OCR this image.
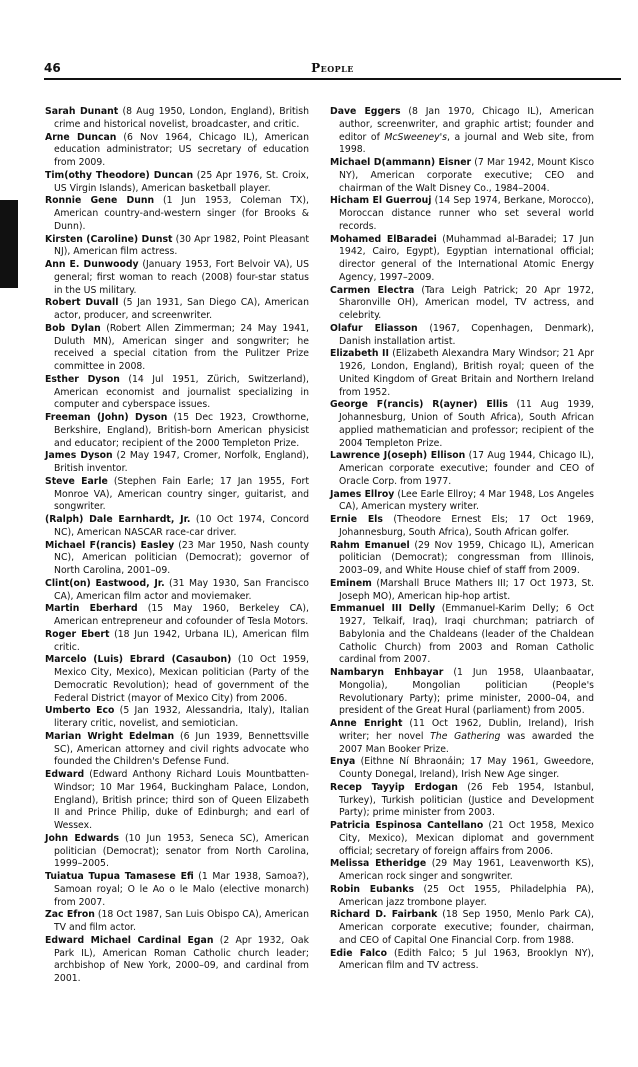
46	People

Sarah Dunant (8 Aug 1950, London, England), British crime and historical novelist, broadcaster, and critic.

Arne Duncan (6 Nov 1964, Chicago IL), American education administrator; US secretary of education from 2009.

Tim(othy Theodore) Duncan (25 Apr 1976, St. Croix, US Virgin Islands), American basketball player.

Ronnie Gene Dunn (1 Jun 1953, Coleman TX), American country-and-western singer (for Brooks & Dunn).

Kirsten (Caroline) Dunst (30 Apr 1982, Point Pleasant NJ), American film actress.

Ann E. Dunwoody (January 1953, Fort Belvoir VA), US general; first woman to reach (2008) four-star status in the US military.

Robert Duvall (5 Jan 1931, San Diego CA), American actor, producer, and screenwriter.

Bob Dylan (Robert Allen Zimmerman; 24 May 1941, Duluth MN), American singer and songwriter; he received a special citation from the Pulitzer Prize committee in 2008.

Esther Dyson (14 Jul 1951, Zürich, Switzerland), American economist and journalist specializing in computer and cyberspace issues.

Freeman (John) Dyson (15 Dec 1923, Crowthorne, Berkshire, England), British-born American physicist and educator; recipient of the 2000 Templeton Prize.

James Dyson (2 May 1947, Cromer, Norfolk, England), British inventor.

Steve Earle (Stephen Fain Earle; 17 Jan 1955, Fort Monroe VA), American country singer, guitarist, and songwriter.

(Ralph) Dale Earnhardt, Jr. (10 Oct 1974, Concord NC), American NASCAR race-car driver.

Michael F(rancis) Easley (23 Mar 1950, Nash county NC), American politician (Democrat); governor of North Carolina, 2001–09.

Clint(on) Eastwood, Jr. (31 May 1930, San Francisco CA), American film actor and moviemaker.

Martin Eberhard (15 May 1960, Berkeley CA), American entrepreneur and cofounder of Tesla Motors.

Roger Ebert (18 Jun 1942, Urbana IL), American film critic.

Marcelo (Luis) Ebrard (Casaubon) (10 Oct 1959, Mexico City, Mexico), Mexican politician (Party of the Democratic Revolution); head of government of the Federal District (mayor of Mexico City) from 2006.

Umberto Eco (5 Jan 1932, Alessandria, Italy), Italian literary critic, novelist, and semiotician.

Marian Wright Edelman (6 Jun 1939, Bennettsville SC), American attorney and civil rights advocate who founded the Children's Defense Fund.

Edward (Edward Anthony Richard Louis Mountbatten-Windsor; 10 Mar 1964, Buckingham Palace, London, England), British prince; third son of Queen Elizabeth II and Prince Philip, duke of Edinburgh; and earl of Wessex.

John Edwards (10 Jun 1953, Seneca SC), American politician (Democrat); senator from North Carolina, 1999–2005.

Tuiatua Tupua Tamasese Efi (1 Mar 1938, Samoa?), Samoan royal; O le Ao o le Malo (elective monarch) from 2007.

Zac Efron (18 Oct 1987, San Luis Obispo CA), American TV and film actor.

Edward Michael Cardinal Egan (2 Apr 1932, Oak Park IL), American Roman Catholic church leader; archbishop of New York, 2000–09, and cardinal from 2001.

Dave Eggers (8 Jan 1970, Chicago IL), American author, screenwriter, and graphic artist; founder and editor of McSweeney's, a journal and Web site, from 1998.

Michael D(ammann) Eisner (7 Mar 1942, Mount Kisco NY), American corporate executive; CEO and chairman of the Walt Disney Co., 1984–2004.

Hicham El Guerrouj (14 Sep 1974, Berkane, Morocco), Moroccan distance runner who set several world records.

Mohamed ElBaradei (Muhammad al-Baradei; 17 Jun 1942, Cairo, Egypt), Egyptian international official; director general of the International Atomic Energy Agency, 1997–2009.

Carmen Electra (Tara Leigh Patrick; 20 Apr 1972, Sharonville OH), American model, TV actress, and celebrity.

Olafur Eliasson (1967, Copenhagen, Denmark), Danish installation artist.

Elizabeth II (Elizabeth Alexandra Mary Windsor; 21 Apr 1926, London, England), British royal; queen of the United Kingdom of Great Britain and Northern Ireland from 1952.

George F(rancis) R(ayner) Ellis (11 Aug 1939, Johannesburg, Union of South Africa), South African applied mathematician and professor; recipient of the 2004 Templeton Prize.

Lawrence J(oseph) Ellison (17 Aug 1944, Chicago IL), American corporate executive; founder and CEO of Oracle Corp. from 1977.

James Ellroy (Lee Earle Ellroy; 4 Mar 1948, Los Angeles CA), American mystery writer.

Ernie Els (Theodore Ernest Els; 17 Oct 1969, Johannesburg, South Africa), South African golfer.

Rahm Emanuel (29 Nov 1959, Chicago IL), American politician (Democrat); congressman from Illinois, 2003–09, and White House chief of staff from 2009.

Eminem (Marshall Bruce Mathers III; 17 Oct 1973, St. Joseph MO), American hip-hop artist.

Emmanuel III Delly (Emmanuel-Karim Delly; 6 Oct 1927, Telkaif, Iraq), Iraqi churchman; patriarch of Babylonia and the Chaldeans (leader of the Chaldean Catholic Church) from 2003 and Roman Catholic cardinal from 2007.

Nambaryn Enhbayar (1 Jun 1958, Ulaanbaatar, Mongolia), Mongolian politician (People's Revolutionary Party); prime minister, 2000–04, and president of the Great Hural (parliament) from 2005.

Anne Enright (11 Oct 1962, Dublin, Ireland), Irish writer; her novel The Gathering was awarded the 2007 Man Booker Prize.

Enya (Eithne Ní Bhraonáin; 17 May 1961, Gweedore, County Donegal, Ireland), Irish New Age singer.

Recep Tayyip Erdogan (26 Feb 1954, Istanbul, Turkey), Turkish politician (Justice and Development Party); prime minister from 2003.

Patricia Espinosa Cantellano (21 Oct 1958, Mexico City, Mexico), Mexican diplomat and government official; secretary of foreign affairs from 2006.

Melissa Etheridge (29 May 1961, Leavenworth KS), American rock singer and songwriter.

Robin Eubanks (25 Oct 1955, Philadelphia PA), American jazz trombone player.

Richard D. Fairbank (18 Sep 1950, Menlo Park CA), American corporate executive; founder, chairman, and CEO of Capital One Financial Corp. from 1988.

Edie Falco (Edith Falco; 5 Jul 1963, Brooklyn NY), American film and TV actress.
